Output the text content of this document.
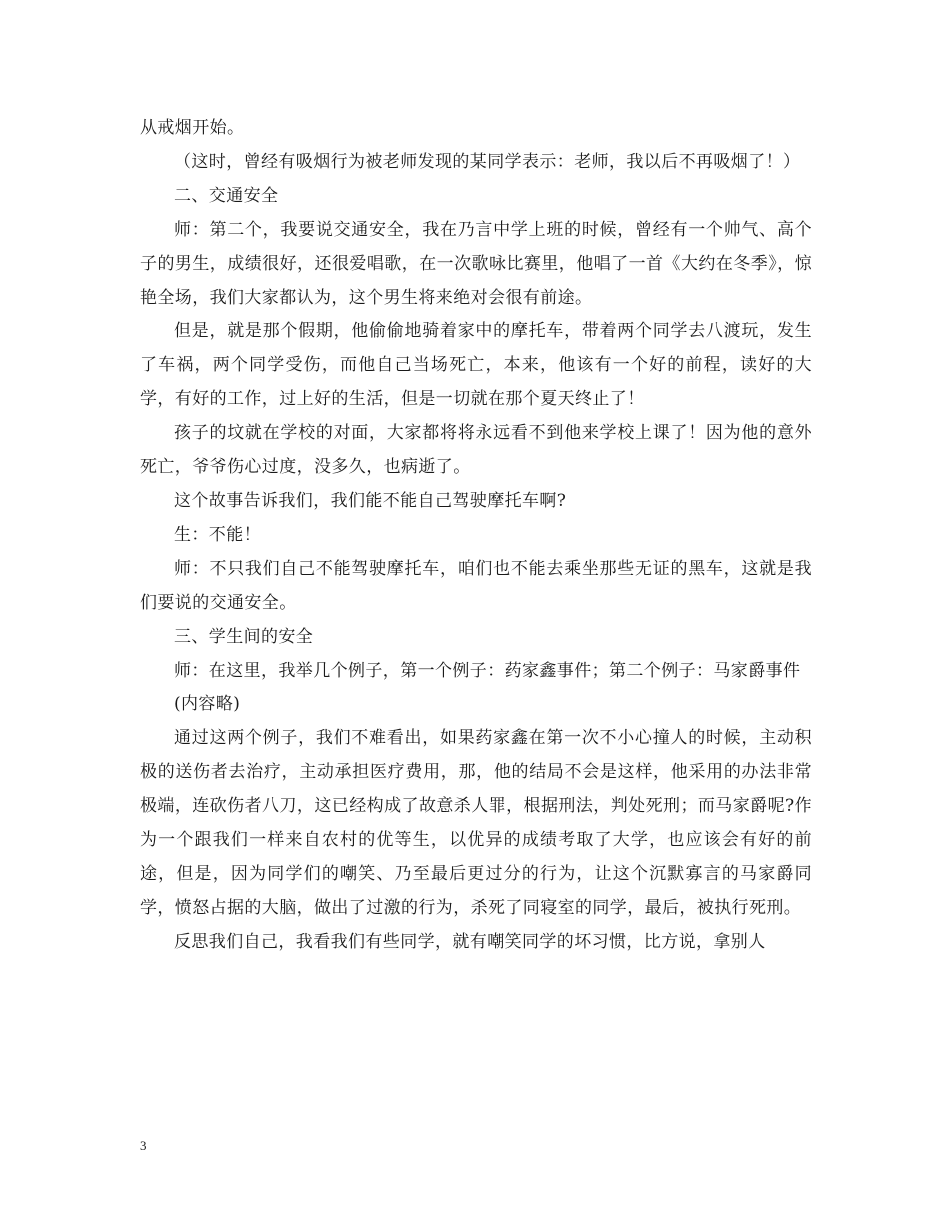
从戒烟开始。

（这时，曾经有吸烟行为被老师发现的某同学表示：老师，我以后不再吸烟了！）

二、交通安全

师：第二个，我要说交通安全，我在乃言中学上班的时候，曾经有一个帅气、高个子的男生，成绩很好，还很爱唱歌，在一次歌咏比赛里，他唱了一首《大约在冬季》，惊艳全场，我们大家都认为，这个男生将来绝对会很有前途。

但是，就是那个假期，他偷偷地骑着家中的摩托车，带着两个同学去八渡玩，发生了车祸，两个同学受伤，而他自己当场死亡，本来，他该有一个好的前程，读好的大学，有好的工作，过上好的生活，但是一切就在那个夏天终止了！

孩子的坟就在学校的对面，大家都将将永远看不到他来学校上课了！因为他的意外死亡，爷爷伤心过度，没多久，也病逝了。

这个故事告诉我们，我们能不能自己驾驶摩托车啊?

生：不能！

师：不只我们自己不能驾驶摩托车，咱们也不能去乘坐那些无证的黑车，这就是我们要说的交通安全。

三、学生间的安全

师：在这里，我举几个例子，第一个例子：药家鑫事件；第二个例子：马家爵事件

(内容略)

通过这两个例子，我们不难看出，如果药家鑫在第一次不小心撞人的时候，主动积极的送伤者去治疗，主动承担医疗费用，那，他的结局不会是这样，他采用的办法非常极端，连砍伤者八刀，这已经构成了故意杀人罪，根据刑法，判处死刑；而马家爵呢?作为一个跟我们一样来自农村的优等生，以优异的成绩考取了大学，也应该会有好的前途，但是，因为同学们的嘲笑、乃至最后更过分的行为，让这个沉默寡言的马家爵同学，愤怒占据的大脑，做出了过激的行为，杀死了同寝室的同学，最后，被执行死刑。

反思我们自己，我看我们有些同学，就有嘲笑同学的坏习惯，比方说，拿别人

3
